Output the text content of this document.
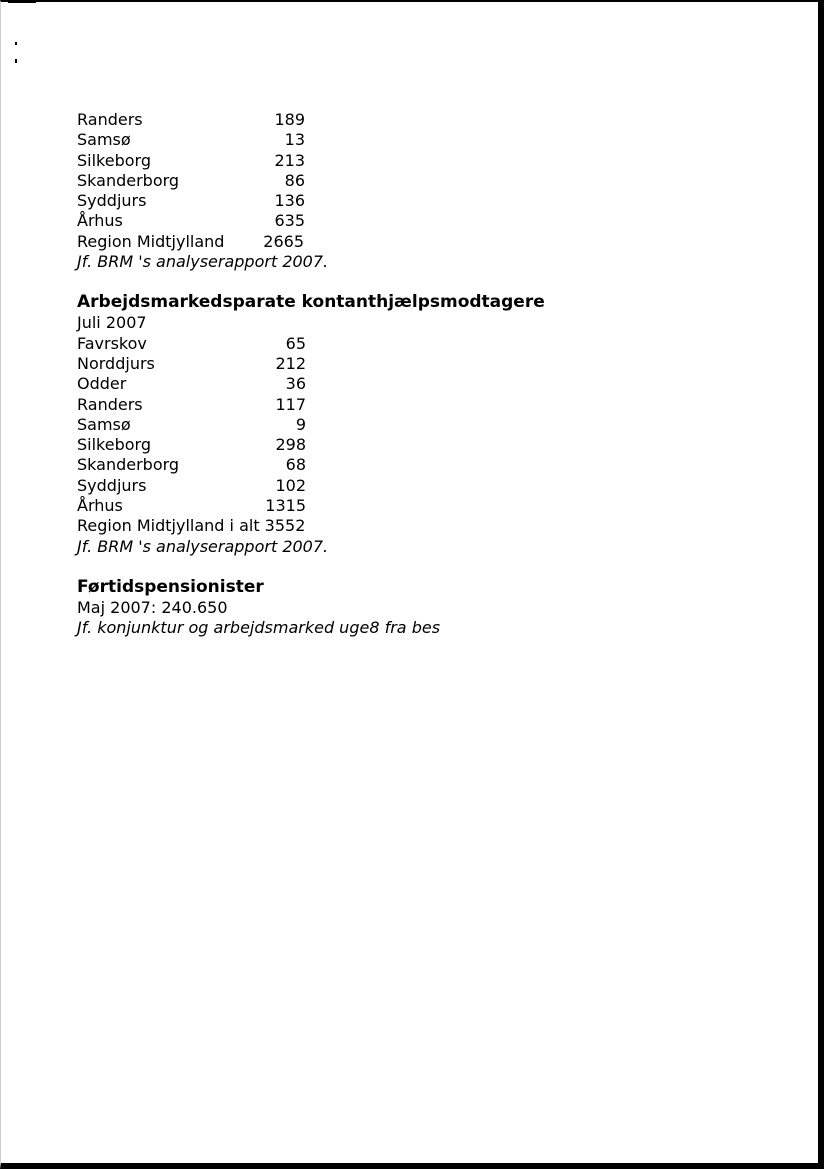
Randers	189
Samsø	13
Silkeborg	213
Skanderborg	86
Syddjurs	136
Århus	635
Region Midtjylland 2665
Jf. BRM 's analyserapport 2007.
Arbejdsmarkedsparate kontanthjælpsmodtagere
Juli 2007
Favrskov	65
Norddjurs	212
Odder	36
Randers	117
Samsø	9
Silkeborg	298
Skanderborg	68
Syddjurs	102
Århus	1315
Region Midtjylland i alt 3552
Jf. BRM 's analyserapport 2007.
Førtidspensionister
Maj 2007: 240.650
Jf. konjunktur og arbejdsmarked uge8 fra bes
